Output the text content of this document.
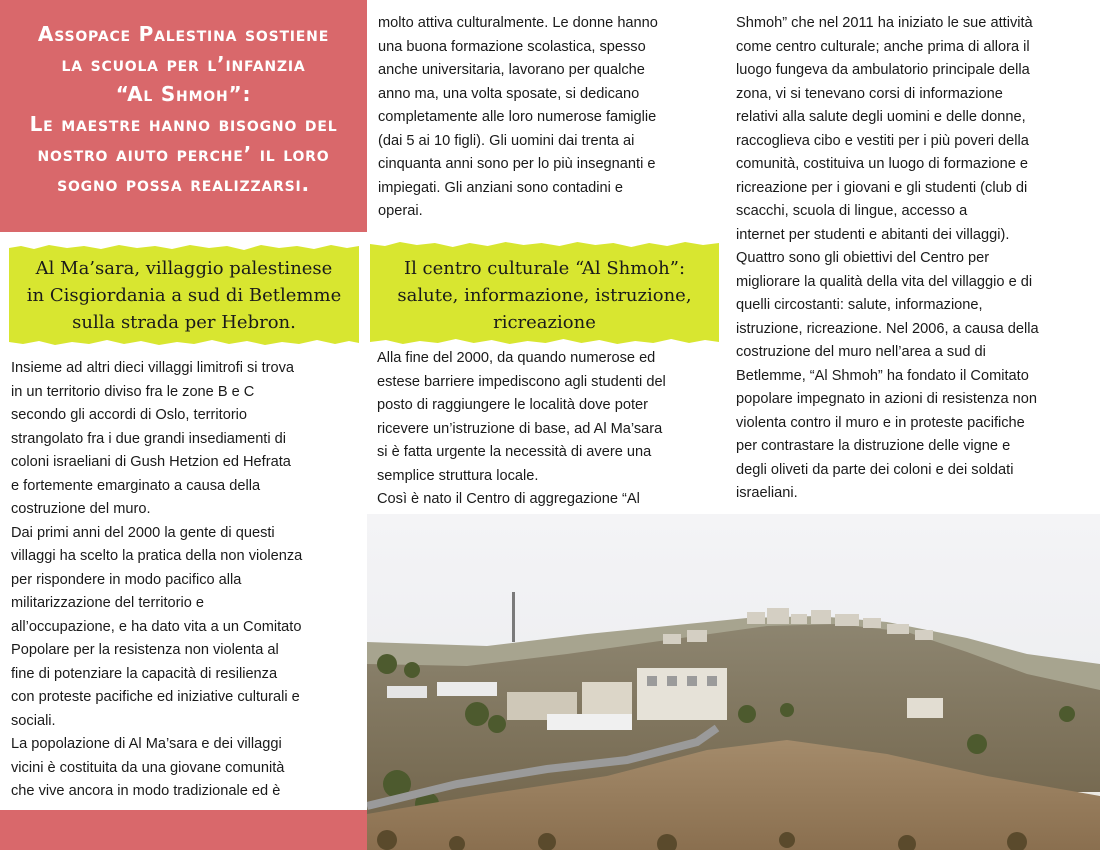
Assopace Palestina sostiene
la scuola per l’infanzia
“Al Shmoh”:
Le maestre hanno bisogno del
nostro aiuto perche’ il loro
sogno possa realizzarsi.
Al Ma’sara, villaggio palestinese
in Cisgiordania a sud di Betlemme
sulla strada per Hebron.
Il centro culturale “Al Shmoh”:
salute, informazione, istruzione,
ricreazione

Insieme ad altri dieci villaggi limitrofi si trova
in un territorio diviso fra le zone B e C
secondo gli accordi di Oslo, territorio
strangolato fra i due grandi insediamenti di
coloni israeliani di Gush Hetzion ed Hefrata
e fortemente emarginato a causa della
costruzione del muro.
Dai primi anni del 2000 la gente di questi
villaggi ha scelto la pratica della non violenza
per rispondere in modo pacifico alla
militarizzazione del territorio e
all’occupazione, e ha dato vita a un Comitato
Popolare per la resistenza non violenta al
fine di potenziare la capacità di resilienza
con proteste pacifiche ed iniziative culturali e
sociali.
La popolazione di Al Ma’sara e dei villaggi
vicini è costituita da una giovane comunità
che vive ancora in modo tradizionale ed è

molto attiva culturalmente. Le donne hanno
una buona formazione scolastica, spesso
anche universitaria, lavorano per qualche
anno ma, una volta sposate, si dedicano
completamente alle loro numerose famiglie
(dai 5 ai 10 figli). Gli uomini dai trenta ai
cinquanta anni sono per lo più insegnanti e
impiegati. Gli anziani sono contadini e
operai.

Alla fine del 2000, da quando numerose ed
estese barriere impediscono agli studenti del
posto di raggiungere le località dove poter
ricevere un’istruzione di base, ad Al Ma’sara
si è fatta urgente la necessità di avere una
semplice struttura locale.
Così è nato il Centro di aggregazione “Al

Shmoh” che nel 2011 ha iniziato le sue attività
come centro culturale; anche prima di allora il
luogo fungeva da ambulatorio principale della
zona, vi si tenevano corsi di informazione
relativi alla salute degli uomini e delle donne,
raccoglieva cibo e vestiti per i più poveri della
comunità, costituiva un luogo di formazione e
ricreazione per i giovani e gli studenti (club di
scacchi, scuola di lingue, accesso a
internet per studenti e abitanti dei villaggi).
Quattro sono gli obiettivi del Centro per
migliorare la qualità della vita del villaggio e di
quelli circostanti: salute, informazione,
istruzione, ricreazione. Nel 2006, a causa della
costruzione del muro nell’area a sud di
Betlemme, “Al Shmoh” ha fondato il Comitato
popolare impegnato in azioni di resistenza non
violenta contro il muro e in proteste pacifiche
per contrastare la distruzione delle vigne e
degli oliveti da parte dei coloni e dei soldati
israeliani.
